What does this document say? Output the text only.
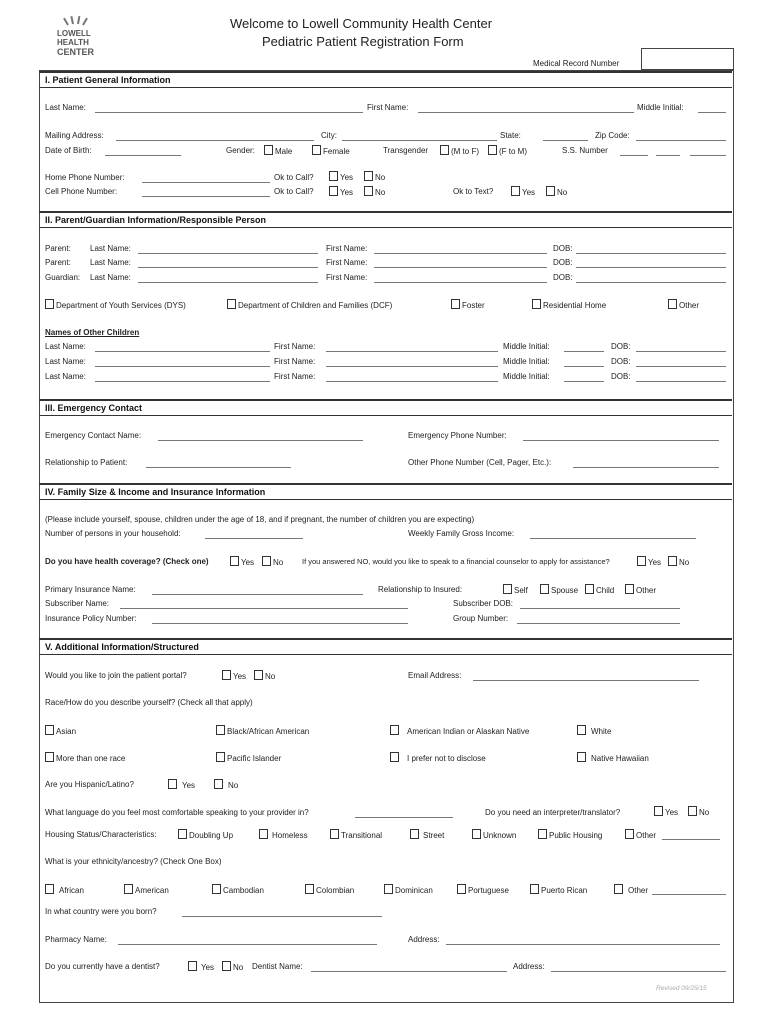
LOWELL
HEALTH
CENTER
Welcome to Lowell Community Health Center
Pediatric Patient Registration Form
Medical Record Number
I. Patient General Information
Last Name:	First Name:	Middle Initial:
Mailing Address:	City:	State:	Zip Code:
Date of Birth:	Gender:	Male	Female	Transgender	(M to F)	(F to M)	S.S. Number
Home Phone Number:	Ok to Call?	Yes	No
Cell Phone Number:	Ok to Call?	Yes	No	Ok to Text?	Yes	No
II. Parent/Guardian Information/Responsible Person
Parent: Last Name:	First Name:	DOB:
Parent: Last Name:	First Name:	DOB:
Guardian: Last Name:	First Name:	DOB:
Department of Youth Services (DYS)	Department of Children and Families (DCF)	Foster	Residential Home	Other
Names of Other Children
Last Name:	First Name:	Middle Initial:	DOB:
Last Name:	First Name:	Middle Initial:	DOB:
Last Name:	First Name:	Middle Initial:	DOB:
III. Emergency Contact
Emergency Contact Name:	Emergency Phone Number:
Relationship to Patient:	Other Phone Number (Cell, Pager, Etc.):
IV. Family Size & Income and Insurance Information
(Please include yourself, spouse, children under the age of 18, and if pregnant, the number of children you are expecting)
Number of persons in your household:	Weekly Family Gross Income:
Do you have health coverage? (Check one)	Yes	No	If you answered NO, would you like to speak to a financial counselor to apply for assistance?	Yes	No
Primary Insurance Name:	Relationship to Insured:	Self	Spouse	Child	Other
Subscriber Name:	Subscriber DOB:
Insurance Policy Number:	Group Number:
V. Additional Information/Structured
Would you like to join the patient portal?	Yes	No	Email Address:
Race/How do you describe yourself? (Check all that apply)
Asian	Black/African American	American Indian or Alaskan Native	White
More than one race	Pacific Islander	I prefer not to disclose	Native Hawaiian
Are you Hispanic/Latino?	Yes	No
What language do you feel most comfortable speaking to your provider in?	Do you need an interpreter/translator?	Yes	No
Housing Status/Characteristics:	Doubling Up	Homeless	Transitional	Street	Unknown	Public Housing	Other
What is your ethnicity/ancestry? (Check One Box)
African	American	Cambodian	Colombian	Dominican	Portuguese	Puerto Rican	Other
In what country were you born?
Pharmacy Name:	Address:
Do you currently have a dentist?	Yes	No Dentist Name:	Address:
Revised 09/25/15
